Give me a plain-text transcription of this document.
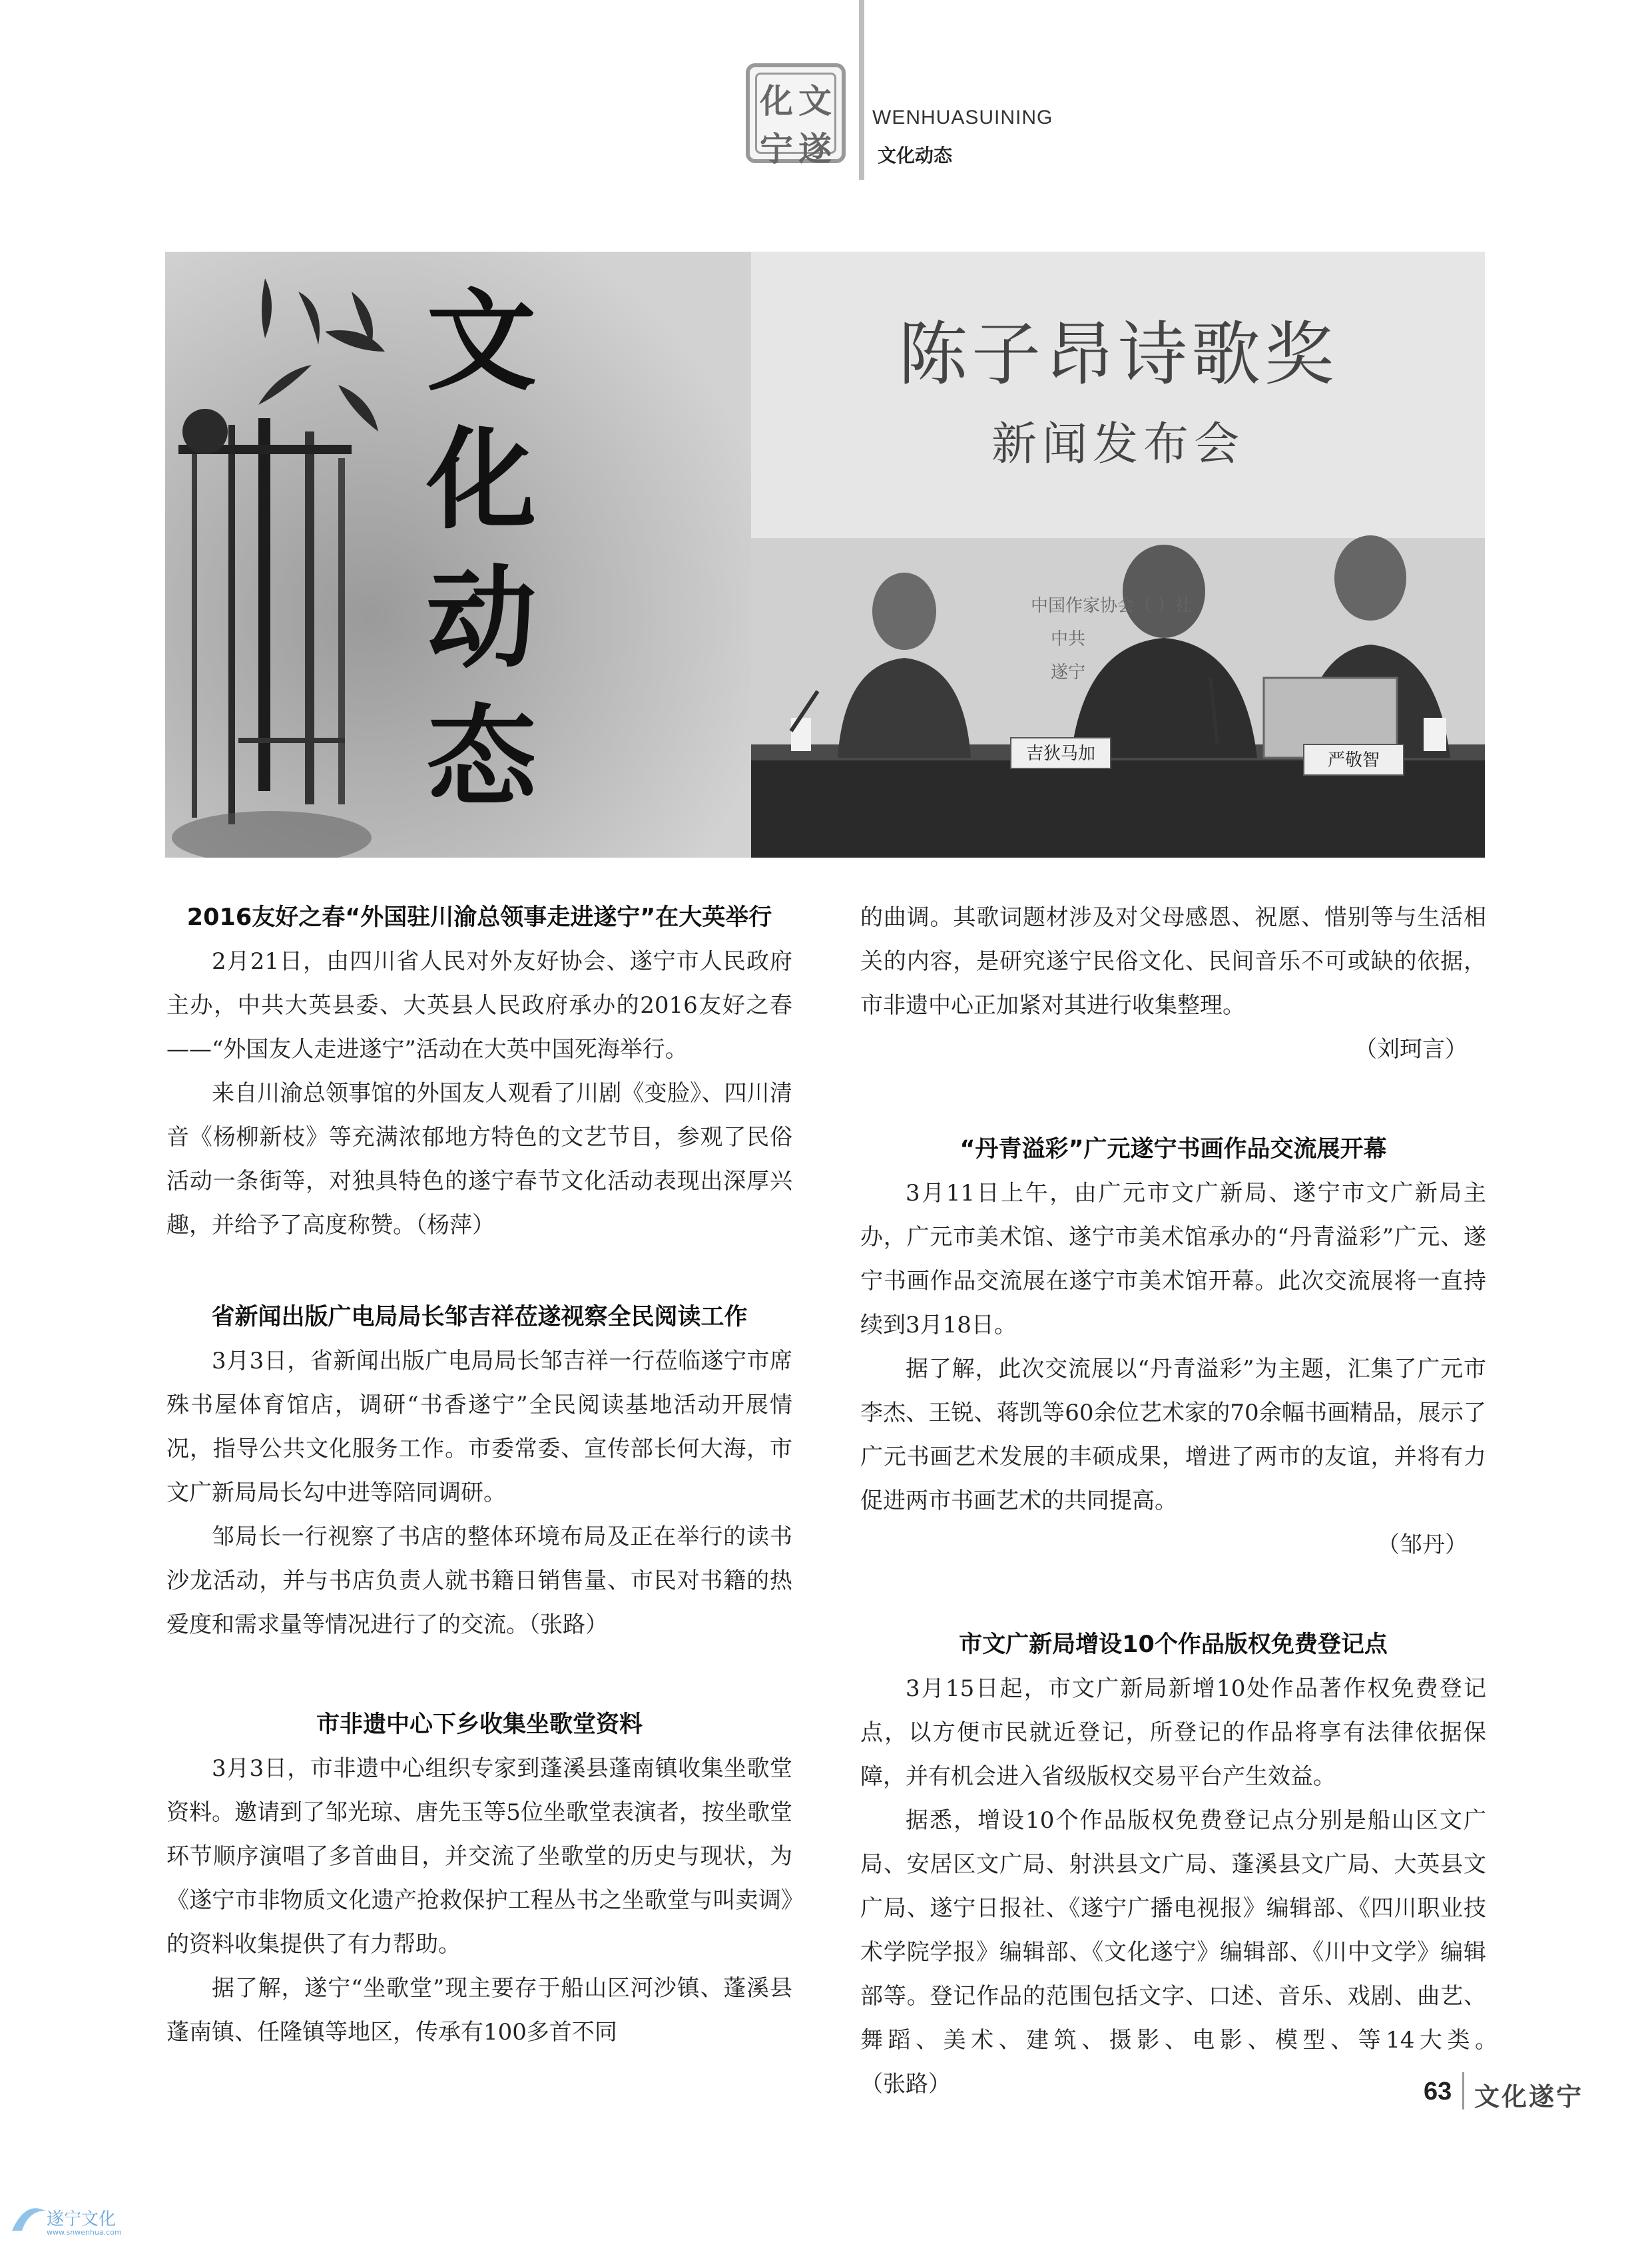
化 文
宁 遂
WENHUASUINING
文化动态
文
化
动
态	吉狄马加	严敬智
中国作家协会（ ）社
中共
遂宁
陈子昂诗歌奖
新闻发布会
2016友好之春“外国驻川渝总领事走进遂宁”在大英举行

2月21日，由四川省人民对外友好协会、遂宁市人民政府主办，中共大英县委、大英县人民政府承办的2016友好之春——“外国友人走进遂宁”活动在大英中国死海举行。

来自川渝总领事馆的外国友人观看了川剧《变脸》、四川清音《杨柳新枝》等充满浓郁地方特色的文艺节目，参观了民俗活动一条街等，对独具特色的遂宁春节文化活动表现出深厚兴趣，并给予了高度称赞。（杨萍）

省新闻出版广电局局长邹吉祥莅遂视察全民阅读工作

3月3日，省新闻出版广电局局长邹吉祥一行莅临遂宁市席殊书屋体育馆店，调研“书香遂宁”全民阅读基地活动开展情况，指导公共文化服务工作。市委常委、宣传部长何大海，市文广新局局长勾中进等陪同调研。

邹局长一行视察了书店的整体环境布局及正在举行的读书沙龙活动，并与书店负责人就书籍日销售量、市民对书籍的热爱度和需求量等情况进行了的交流。（张路）

市非遗中心下乡收集坐歌堂资料

3月3日，市非遗中心组织专家到蓬溪县蓬南镇收集坐歌堂资料。邀请到了邹光琼、唐先玉等5位坐歌堂表演者，按坐歌堂环节顺序演唱了多首曲目，并交流了坐歌堂的历史与现状，为《遂宁市非物质文化遗产抢救保护工程丛书之坐歌堂与叫卖调》的资料收集提供了有力帮助。

据了解，遂宁“坐歌堂”现主要存于船山区河沙镇、蓬溪县蓬南镇、任隆镇等地区，传承有100多首不同

的曲调。其歌词题材涉及对父母感恩、祝愿、惜别等与生活相关的内容，是研究遂宁民俗文化、民间音乐不可或缺的依据，市非遗中心正加紧对其进行收集整理。

（刘珂言）

“丹青溢彩”广元遂宁书画作品交流展开幕

3月11日上午，由广元市文广新局、遂宁市文广新局主办，广元市美术馆、遂宁市美术馆承办的“丹青溢彩”广元、遂宁书画作品交流展在遂宁市美术馆开幕。此次交流展将一直持续到3月18日。

据了解，此次交流展以“丹青溢彩”为主题，汇集了广元市李杰、王锐、蒋凯等60余位艺术家的70余幅书画精品，展示了广元书画艺术发展的丰硕成果，增进了两市的友谊，并将有力促进两市书画艺术的共同提高。

（邹丹）

市文广新局增设10个作品版权免费登记点

3月15日起，市文广新局新增10处作品著作权免费登记点，以方便市民就近登记，所登记的作品将享有法律依据保障，并有机会进入省级版权交易平台产生效益。

据悉，增设10个作品版权免费登记点分别是船山区文广局、安居区文广局、射洪县文广局、蓬溪县文广局、大英县文广局、遂宁日报社、《遂宁广播电视报》编辑部、《四川职业技术学院学报》编辑部、《文化遂宁》编辑部、《川中文学》编辑部等。登记作品的范围包括文字、口述、音乐、戏剧、曲艺、舞蹈、美术、建筑、摄影、电影、模型、等14大类。　　　　（张路）	63 文化遂宁
遂宁文化
www.snwenhua.com
